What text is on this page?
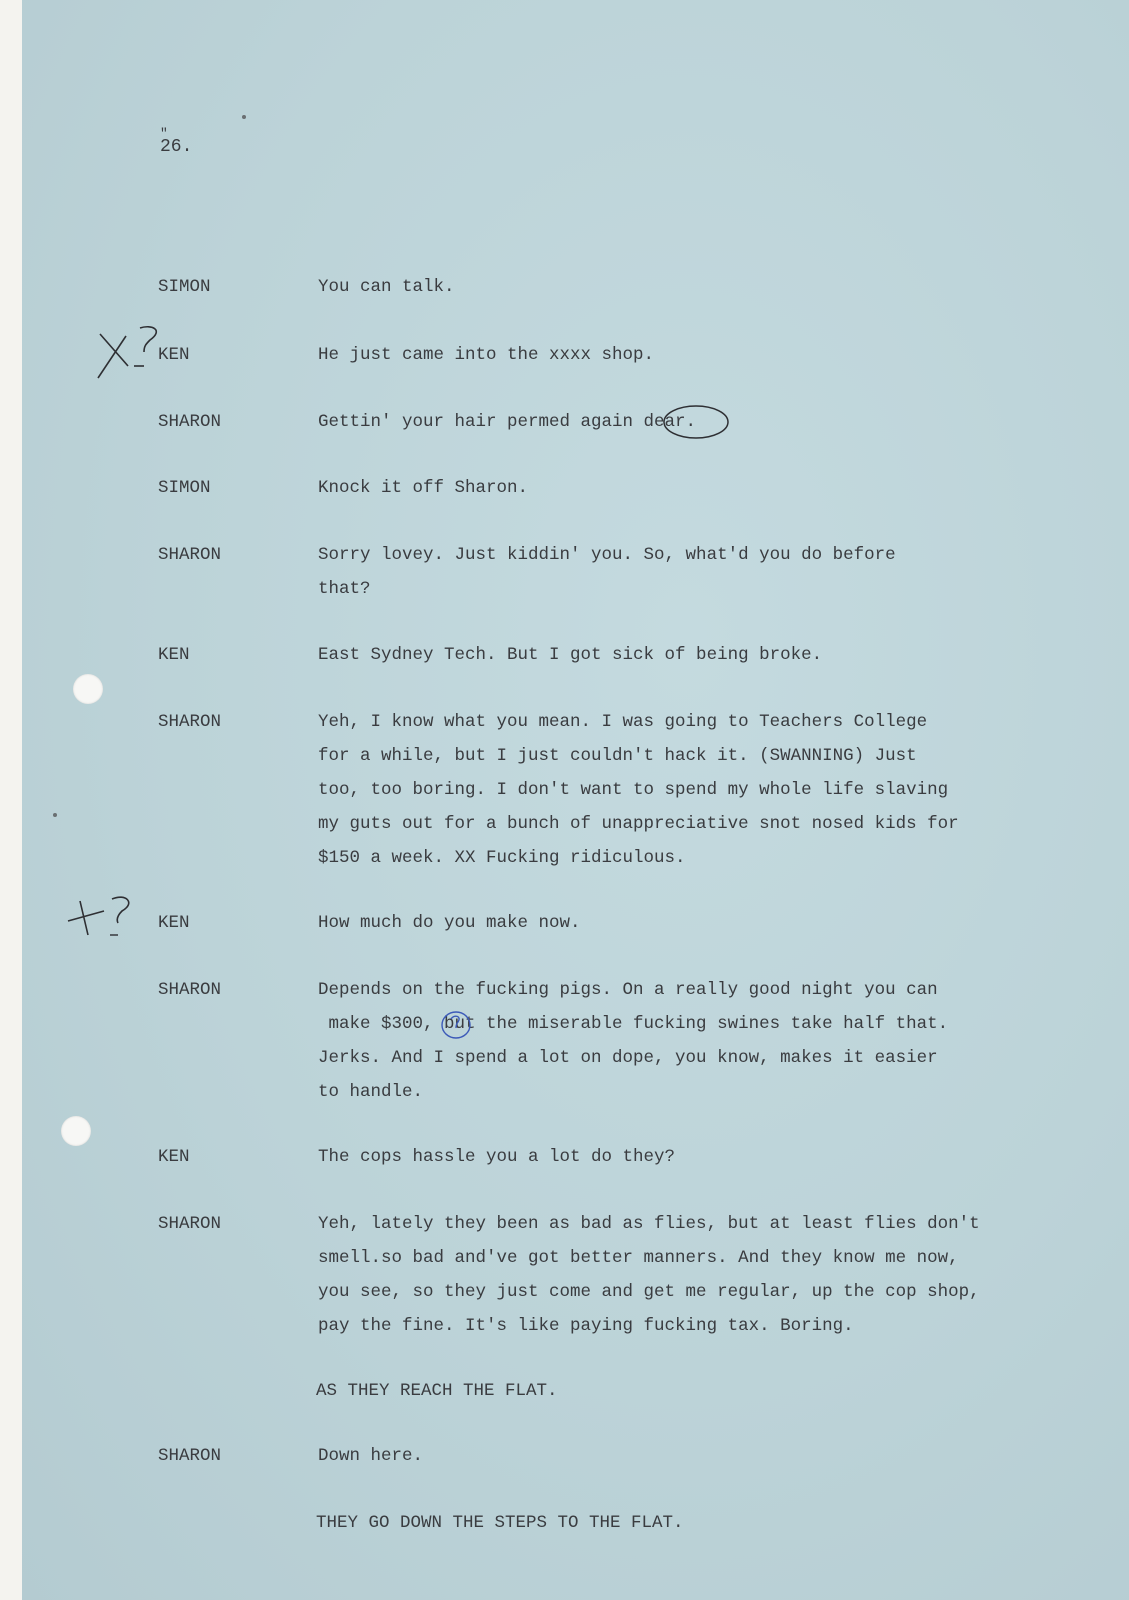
"
26.
SIMON	You can talk.
KEN	He just came into the xxxx shop.
SHARON	Gettin' your hair permed again dear.
SIMON	Knock it off Sharon.
SHARON	Sorry lovey. Just kiddin' you. So, what'd you do before
that?
KEN	East Sydney Tech. But I got sick of being broke.
SHARON	Yeh, I know what you mean. I was going to Teachers College
for a while, but I just couldn't hack it. (SWANNING) Just
too, too boring. I don't want to spend my whole life slaving
my guts out for a bunch of unappreciative snot nosed kids for
$150 a week. XX Fucking ridiculous.
KEN	How much do you make now.
SHARON	Depends on the fucking pigs. On a really good night you can
make $300, but the miserable fucking swines take half that.
Jerks. And I spend a lot on dope, you know, makes it easier
to handle.
KEN	The cops hassle you a lot do they?
SHARON	Yeh, lately they been as bad as flies, but at least flies don't
smell.so bad and've got better manners. And they know me now,
you see, so they just come and get me regular, up the cop shop,
pay the fine. It's like paying fucking tax. Boring.
AS THEY REACH THE FLAT.
SHARON	Down here.
THEY GO DOWN THE STEPS TO THE FLAT.
